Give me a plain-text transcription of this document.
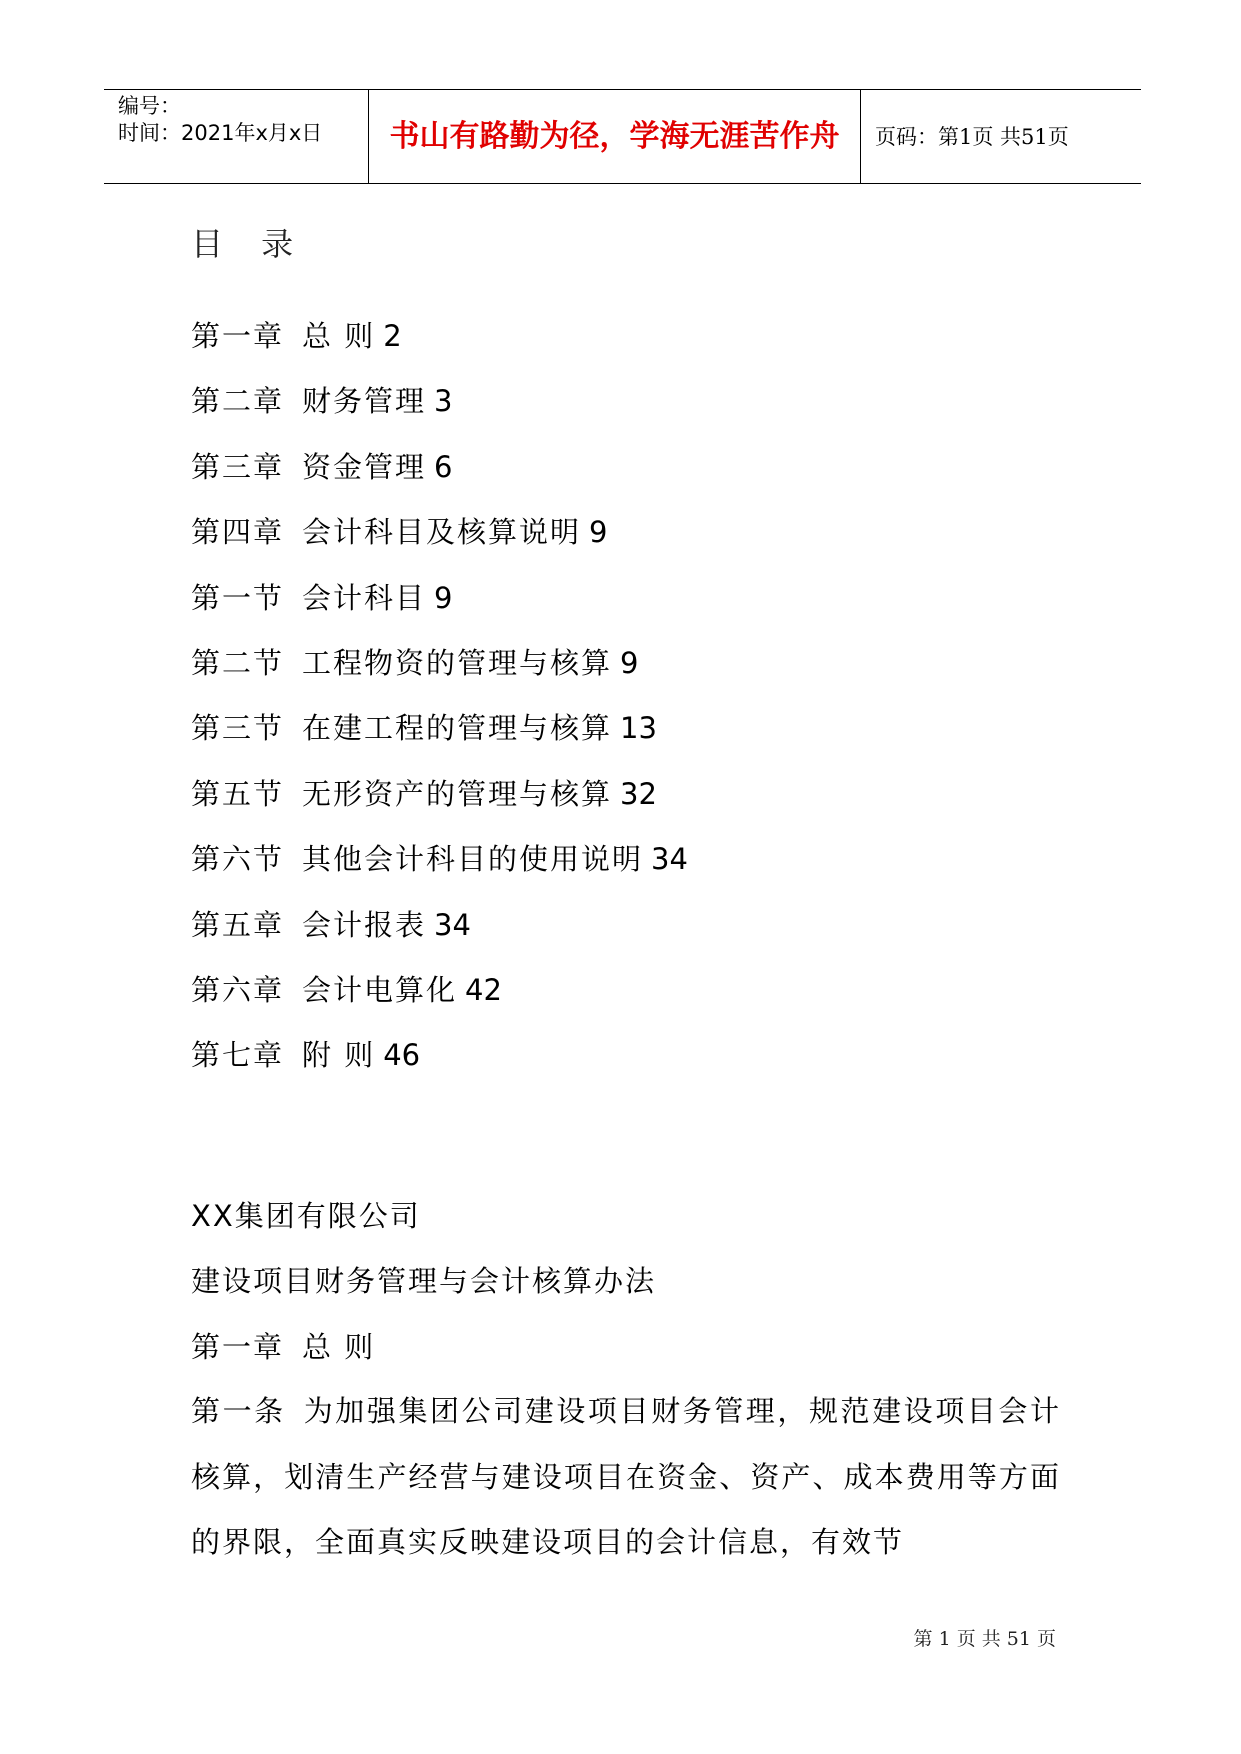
编号：
时间：2021年x月x日	书山有路勤为径，学海无涯苦作舟	页码：第1页 共51页
目 录
第一章 总 则 2
第二章 财务管理 3
第三章 资金管理 6
第四章 会计科目及核算说明 9
第一节 会计科目 9
第二节 工程物资的管理与核算 9
第三节 在建工程的管理与核算 13
第五节 无形资产的管理与核算 32
第六节 其他会计科目的使用说明 34
第五章 会计报表 34
第六章 会计电算化 42
第七章 附 则 46
XX集团有限公司
建设项目财务管理与会计核算办法
第一章 总 则

第一条 为加强集团公司建设项目财务管理，规范建设项目会计核算，划清生产经营与建设项目在资金、资产、成本费用等方面的界限，全面真实反映建设项目的会计信息，有效节

第 1 页 共 51 页
